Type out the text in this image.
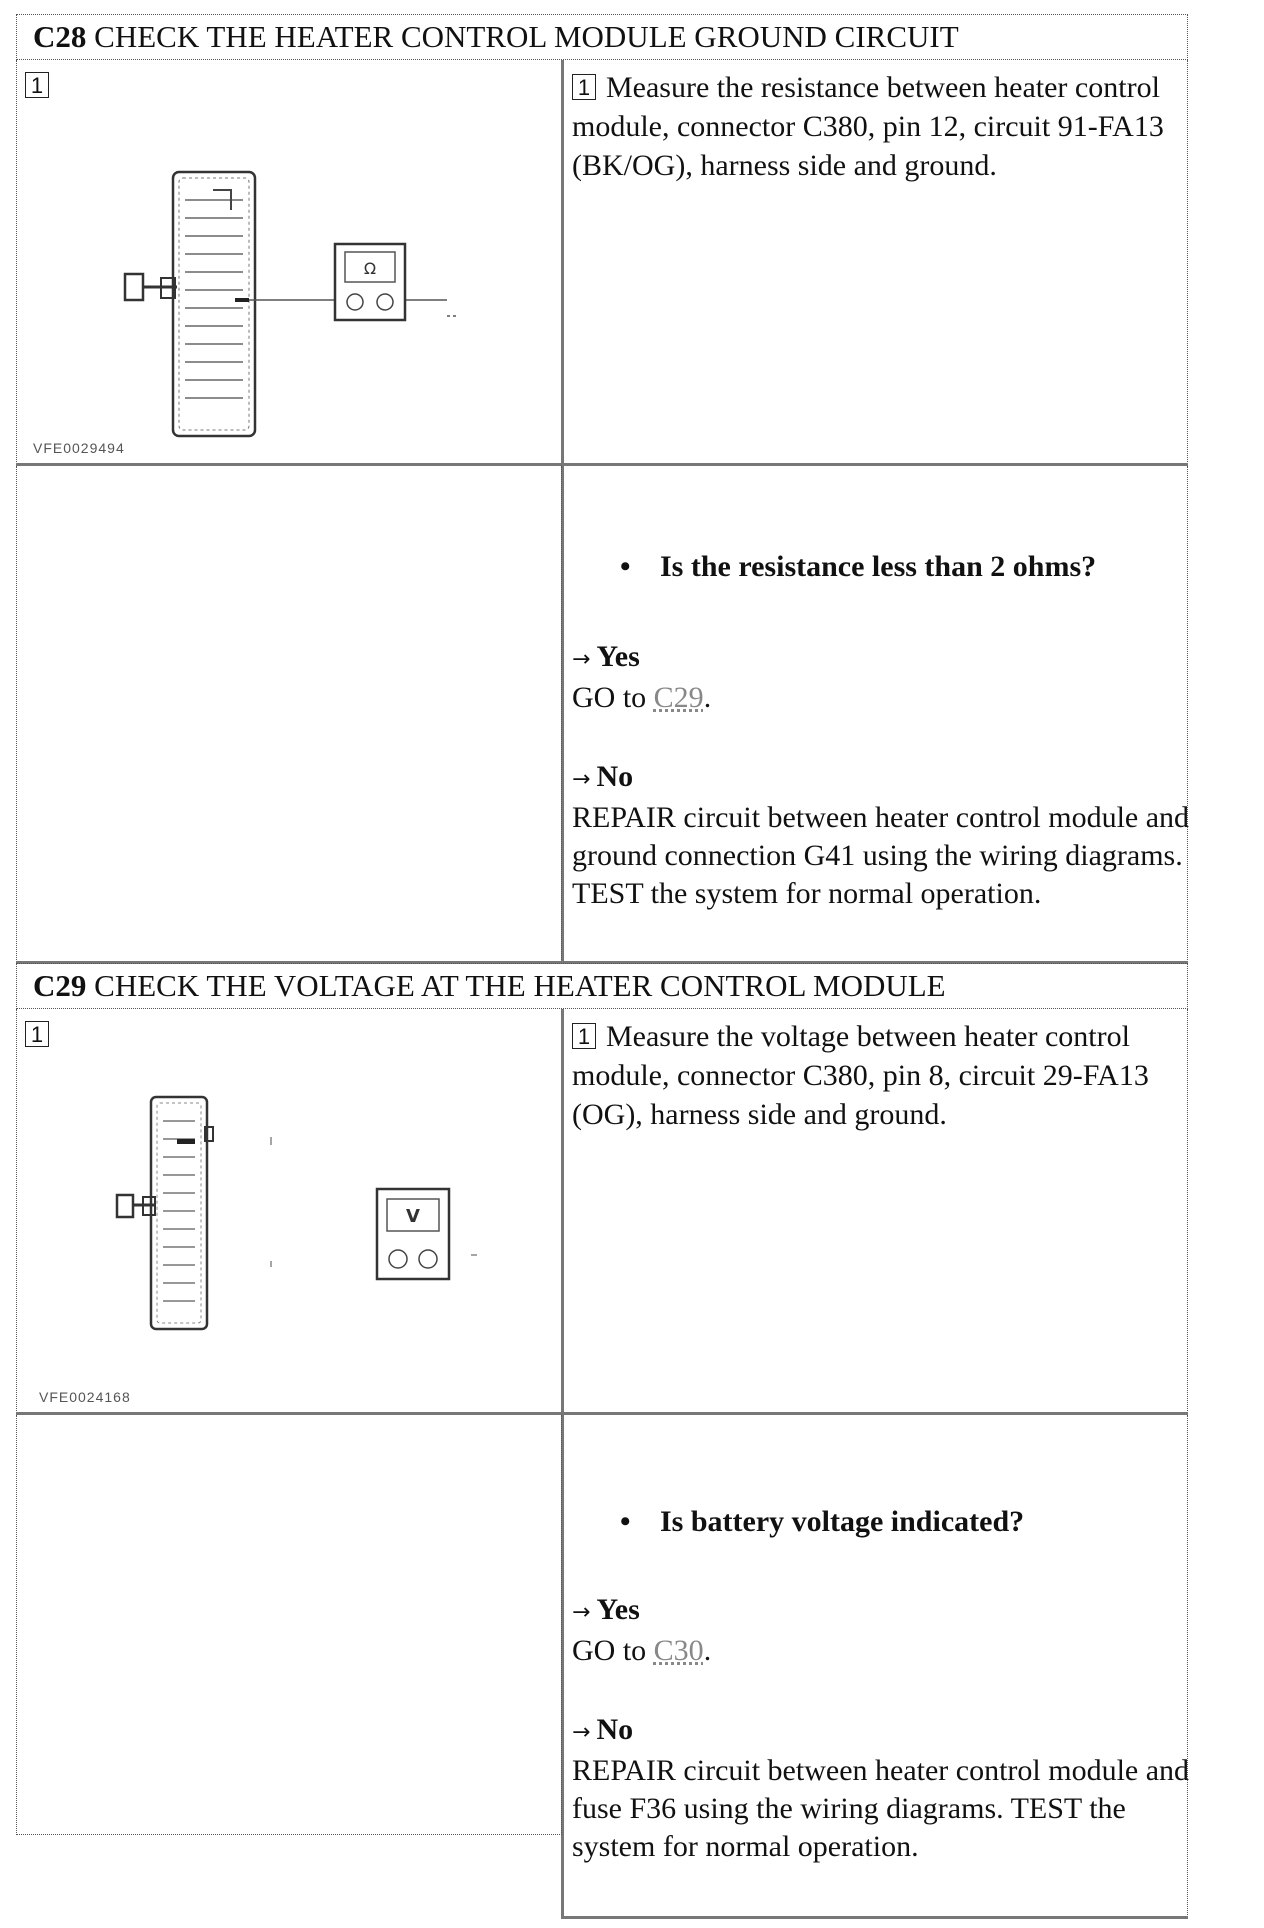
C28 CHECK THE HEATER CONTROL MODULE GROUND CIRCUIT
1
Ω
VFE0029494
1 Measure the resistance between heater control module, connector C380, pin 12, circuit 91-FA13 (BK/OG), harness side and ground.
• Is the resistance less than 2 ohms?
→ Yes
GO to C29.
→ No
REPAIR circuit between heater control module and ground connection G41 using the wiring diagrams. TEST the system for normal operation.
C29 CHECK THE VOLTAGE AT THE HEATER CONTROL MODULE
1
V
VFE0024168
1 Measure the voltage between heater control module, connector C380, pin 8, circuit 29-FA13 (OG), harness side and ground.
• Is battery voltage indicated?
→ Yes
GO to C30.
→ No
REPAIR circuit between heater control module and fuse F36 using the wiring diagrams. TEST the system for normal operation.
